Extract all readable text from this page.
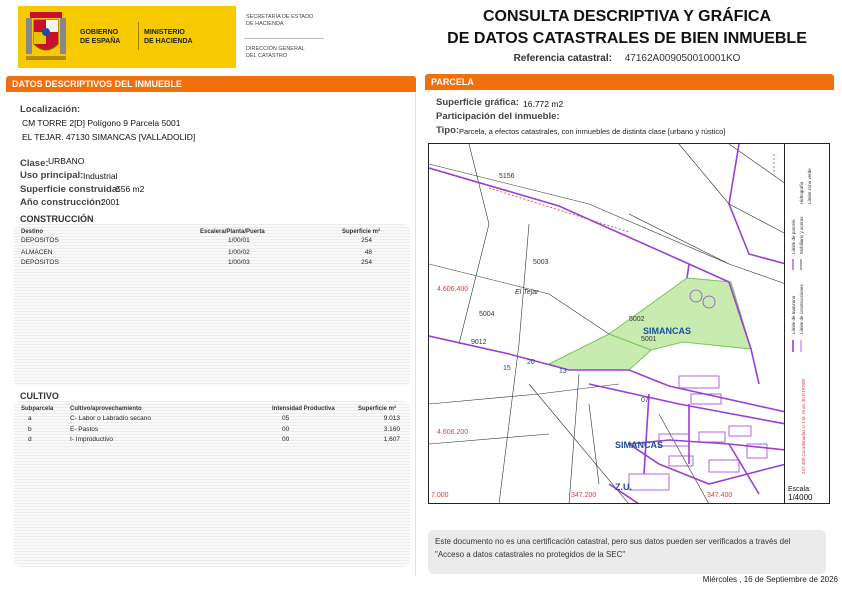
GOBIERNO
DE ESPAÑA
MINISTERIO
DE HACIENDA
SECRETARÍA DE ESTADO
DE HACIENDA
DIRECCIÓN GENERAL
DEL CATASTRO
CONSULTA DESCRIPTIVA Y GRÁFICA
DE DATOS CATASTRALES DE BIEN INMUEBLE
Referencia catastral: 47162A009050010001KO
DATOS DESCRIPTIVOS DEL INMUEBLE
Localización:
CM TORRE 2[D] Polígono 9 Parcela 5001
EL TEJAR. 47130 SIMANCAS [VALLADOLID]
Clase: URBANO
Uso principal: Industrial
Superficie construida:
556 m2
Año construcción:
2001
CONSTRUCCIÓN
Destino	Escalera/Planta/Puerta	Superficie m²
DEPOSITOS	1/00/01	254
ALMACEN	1/00/02	48
DEPOSITOS	1/00/03	254
CULTIVO
Subparcela	Cultivo/aprovechamiento	Intensidad Productiva	Superficie m²
a	C- Labor o Labradío secano	05	9.013
b	E- Pastos	00	3.160
d	I- Improductivo	00	1.607
PARCELA
Superficie gráfica: 16.772 m2
Participación del inmueble:
Tipo: Parcela, a efectos catastrales, con inmuebles de distinta clase [urbano y rústico]
5156
5003
5004
5002
5001
9012
El Tejar
07
20
15	13
SIMANCAS
SIMANCAS
Z.U.
4.606.400
4.606.200
7.000	347.200	347.400
Límite de parcela
Hidrografía
Mobiliario y aceras
Límite zona verde
Límite de manzana Límite de construcciones
347.400 Coordenadas U.T.M. Huso 30 ETRS89
Escala:
1/4000
Este documento no es una certificación catastral, pero sus datos pueden ser verificados a través del "Acceso a datos catastrales no protegidos de la SEC"
Miércoles , 16 de Septiembre de 2026
